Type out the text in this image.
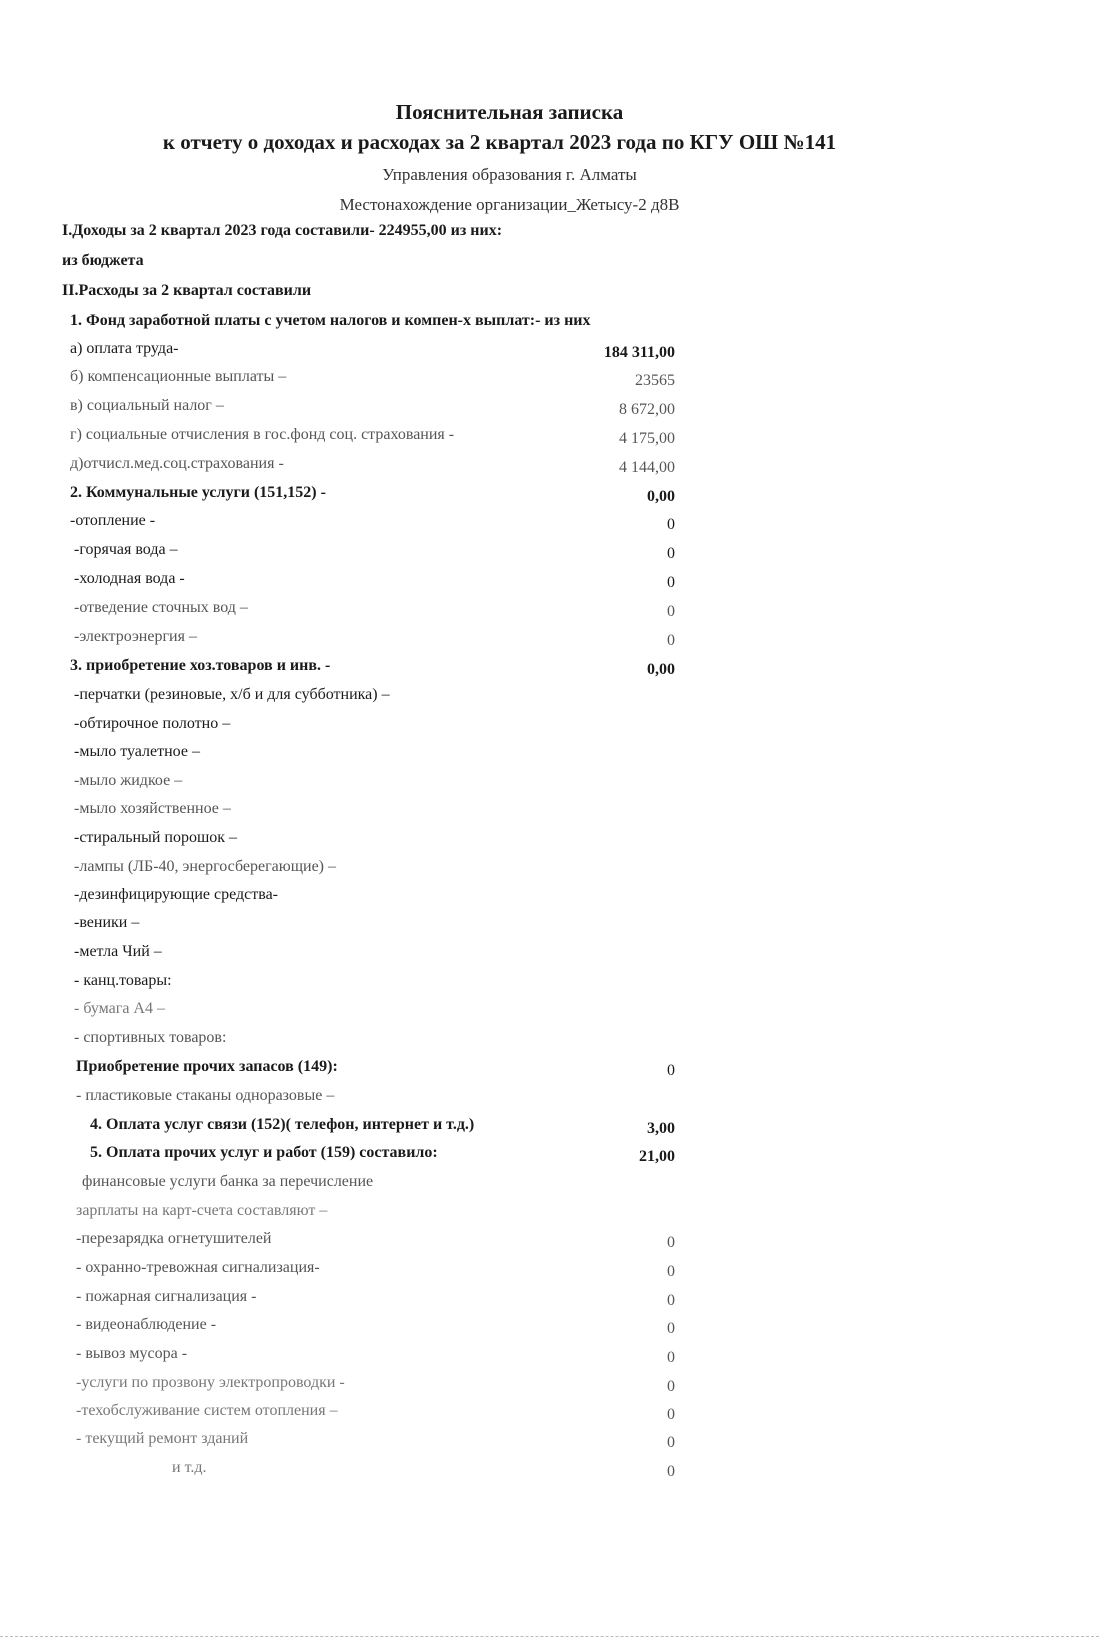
Пояснительная записка
к отчету о доходах и расходах за 2 квартал 2023 года по КГУ ОШ №141
Управления образования г. Алматы
Местонахождение организации_Жетысу-2 д8В
I.Доходы за 2 квартал 2023 года составили- 224955,00 из них:
из бюджета
II.Расходы за 2 квартал составили
1. Фонд заработной платы с учетом налогов и компен-х выплат:- из них
а) оплата труда-	184 311,00
б) компенсационные выплаты –	23565
в) социальный налог –	8 672,00
г) социальные отчисления в гос.фонд соц. страхования -	4 175,00
д)отчисл.мед.соц.страхования -	4 144,00
2. Коммунальные услуги (151,152) -	0,00
-отопление -	0
-горячая вода –	0
-холодная вода -	0
-отведение сточных вод –	0
-электроэнергия –	0
3. приобретение хоз.товаров и инв. -	0,00
-перчатки (резиновые, х/б и для субботника) –
-обтирочное полотно –
-мыло туалетное –
-мыло жидкое –
-мыло хозяйственное –
-стиральный порошок –
-лампы (ЛБ-40, энергосберегающие) –
-дезинфицирующие средства-
-веники –
-метла Чий –
- канц.товары:
- бумага А4 –
- спортивных товаров:
Приобретение прочих запасов (149):	0
- пластиковые стаканы одноразовые –
4. Оплата услуг связи (152)( телефон, интернет и т.д.)	3,00
5. Оплата прочих услуг и работ (159) составило:	21,00
финансовые услуги банка за перечисление
зарплаты на карт-счета составляют –
-перезарядка огнетушителей	0
- охранно-тревожная сигнализация-	0
- пожарная сигнализация -	0
- видеонаблюдение -	0
- вывоз мусора -	0
-услуги по прозвону электропроводки -	0
-техобслуживание систем отопления –	0
- текущий ремонт зданий	0
и т.д.	0
